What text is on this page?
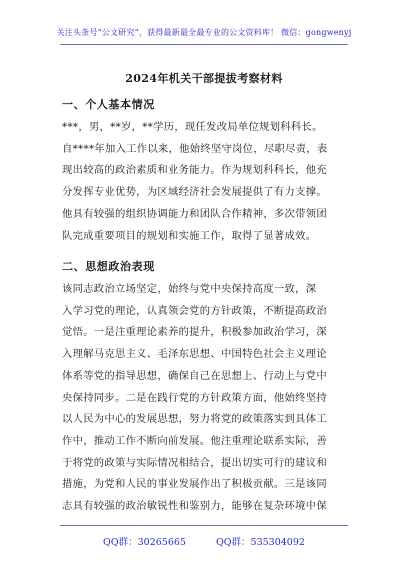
关注头条号“公文研究”，获得最新最全最专业的公文资料库！ 微信：gongwenyj
2024年机关干部提拔考察材料
一、个人基本情况
***，男，**岁，**学历，现任发改局单位规划科科长。
自****年加入工作以来，他始终坚守岗位，尽职尽责，表
现出较高的政治素质和业务能力。作为规划科科长，他充
分发挥专业优势，为区域经济社会发展提供了有力支撑。
他具有较强的组织协调能力和团队合作精神，多次带领团
队完成重要项目的规划和实施工作，取得了显著成效。
二、思想政治表现
该同志政治立场坚定，始终与党中央保持高度一致，深
入学习党的理论，认真领会党的方针政策，不断提高政治
觉悟。一是注重理论素养的提升，积极参加政治学习，深
入理解马克思主义、毛泽东思想、中国特色社会主义理论
体系等党的指导思想，确保自己在思想上、行动上与党中
央保持同步。二是在践行党的方针政策方面，他始终坚持
以人民为中心的发展思想，努力将党的政策落实到具体工
作中，推动工作不断向前发展。他注重理论联系实际，善
于将党的政策与实际情况相结合，提出切实可行的建议和
措施，为党和人民的事业发展作出了积极贡献。三是该同
志具有较强的政治敏锐性和鉴别力，能够在复杂环境中保
QQ群：30265665	QQ群：535304092
